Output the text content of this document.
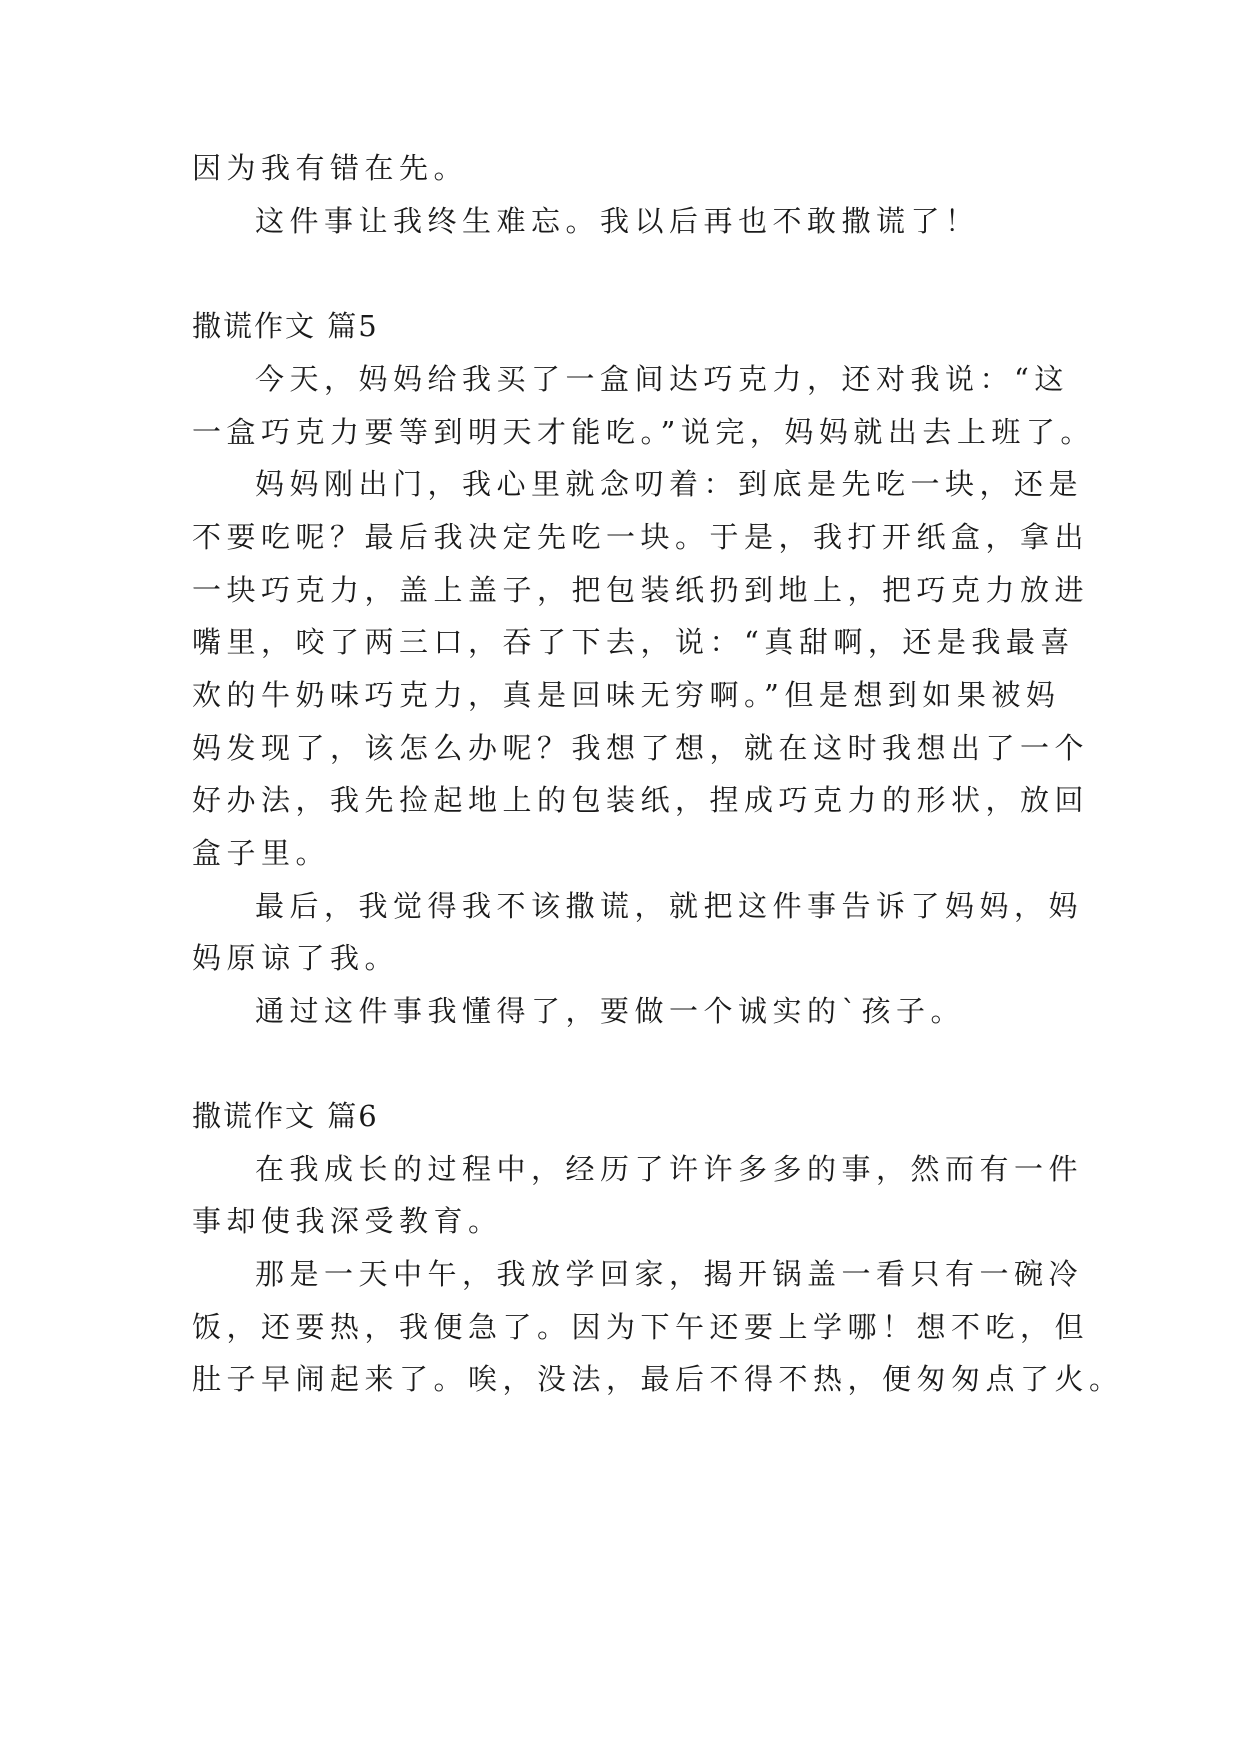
因为我有错在先。
这件事让我终生难忘。我以后再也不敢撒谎了！
撒谎作文 篇5
今天，妈妈给我买了一盒间达巧克力，还对我说：“这
一盒巧克力要等到明天才能吃。”说完，妈妈就出去上班了。
妈妈刚出门，我心里就念叨着：到底是先吃一块，还是
不要吃呢？最后我决定先吃一块。于是，我打开纸盒，拿出
一块巧克力，盖上盖子，把包装纸扔到地上，把巧克力放进
嘴里，咬了两三口，吞了下去，说：“真甜啊，还是我最喜
欢的牛奶味巧克力，真是回味无穷啊。”但是想到如果被妈
妈发现了，该怎么办呢？我想了想，就在这时我想出了一个
好办法，我先捡起地上的包装纸，捏成巧克力的形状，放回
盒子里。
最后，我觉得我不该撒谎，就把这件事告诉了妈妈，妈
妈原谅了我。
通过这件事我懂得了，要做一个诚实的`孩子。
撒谎作文 篇6
在我成长的过程中，经历了许许多多的事，然而有一件
事却使我深受教育。
那是一天中午，我放学回家，揭开锅盖一看只有一碗冷
饭，还要热，我便急了。因为下午还要上学哪！想不吃，但
肚子早闹起来了。唉，没法，最后不得不热，便匆匆点了火。
